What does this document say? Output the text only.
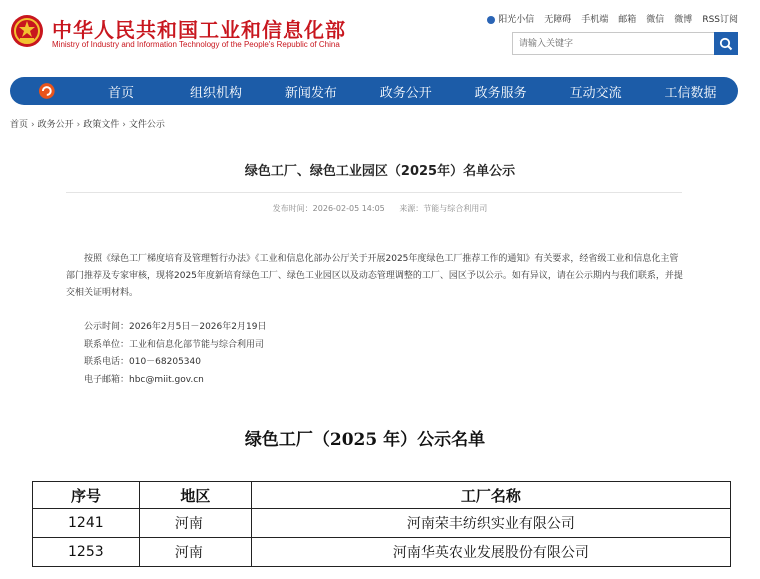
中华人民共和国工业和信息化部
Ministry of Industry and Information Technology of the People's Republic of China
阳光小信 无障碍 手机端 邮箱 微信 微博 RSS订阅
请输入关键字
首页	组织机构	新闻发布	政务公开	政务服务	互动交流	工信数据
首页 › 政务公开 › 政策文件 › 文件公示
绿色工厂、绿色工业园区（2025年）名单公示
发布时间：2026-02-05 14:05 来源：节能与综合利用司
按照《绿色工厂梯度培育及管理暂行办法》《工业和信息化部办公厅关于开展2025年度绿色工厂推荐工作的通知》有关要求，经省级工业和信息化主管部门推荐及专家审核，现将2025年度新培育绿色工厂、绿色工业园区以及动态管理调整的工厂、园区予以公示。如有异议，请在公示期内与我们联系，并提交相关证明材料。
公示时间：2026年2月5日－2026年2月19日
联系单位：工业和信息化部节能与综合利用司
联系电话：010－68205340
电子邮箱：hbc@miit.gov.cn
绿色工厂（2025 年）公示名单
序号	地区	工厂名称
1241	河南	河南荣丰纺织实业有限公司
1253	河南	河南华英农业发展股份有限公司
